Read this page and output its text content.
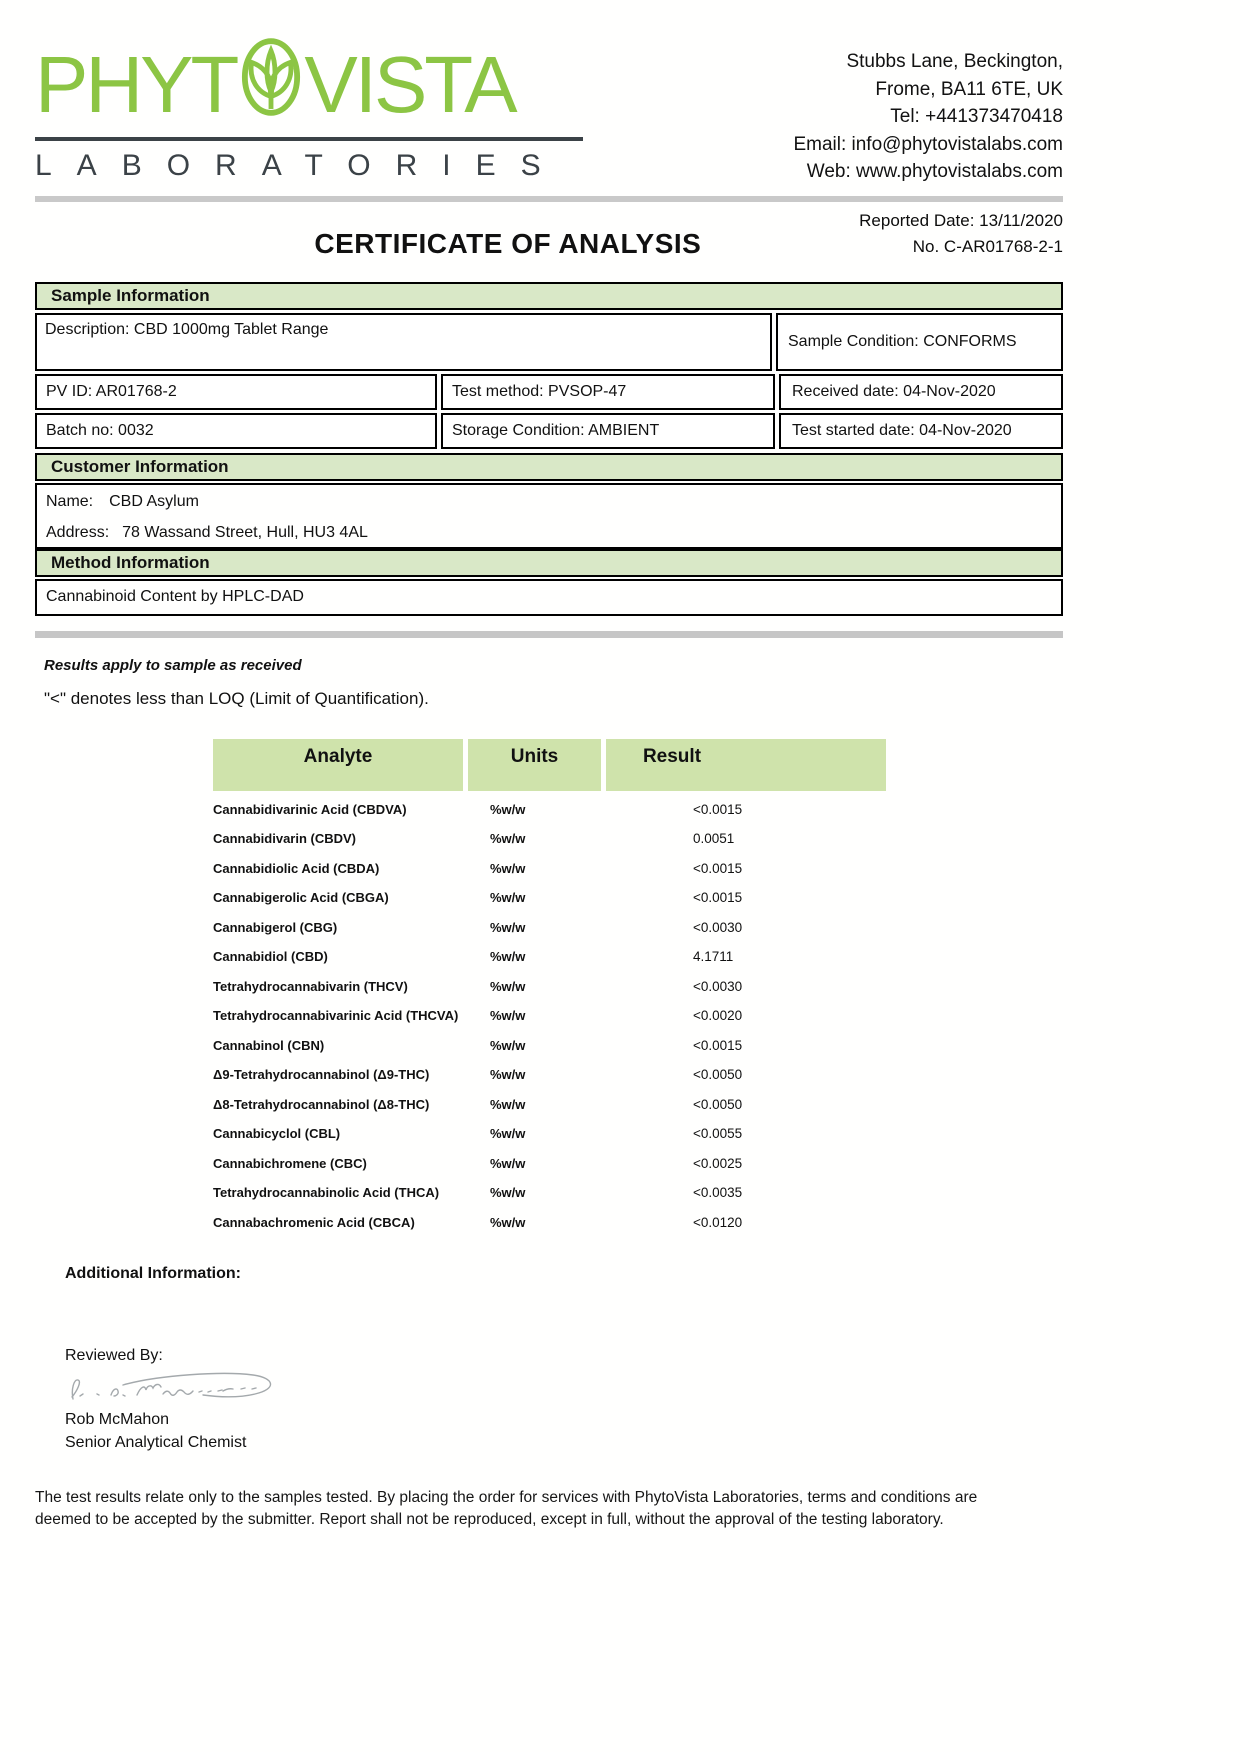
PHYT VISTA
LABORATORIES
Stubbs Lane, Beckington,
Frome, BA11 6TE, UK
Tel: +441373470418
Email: info@phytovistalabs.com
Web: www.phytovistalabs.com
Reported Date: 13/11/2020
No. C-AR01768-2-1
CERTIFICATE OF ANALYSIS
Sample Information
Description: CBD 1000mg Tablet Range
Sample Condition: CONFORMS
PV ID: AR01768-2	Test method: PVSOP-47	Received date: 04-Nov-2020
Batch no: 0032	Storage Condition: AMBIENT	Test started date: 04-Nov-2020
Customer Information
Name: CBD Asylum
Address: 78 Wassand Street, Hull, HU3 4AL
Method Information
Cannabinoid Content by HPLC-DAD
Results apply to sample as received
"<" denotes less than LOQ (Limit of Quantification).
Analyte	Units	Result
Cannabidivarinic Acid (CBDVA)	%w/w	<0.0015
Cannabidivarin (CBDV)	%w/w	0.0051
Cannabidiolic Acid (CBDA)	%w/w	<0.0015
Cannabigerolic Acid (CBGA)	%w/w	<0.0015
Cannabigerol (CBG)	%w/w	<0.0030
Cannabidiol (CBD)	%w/w	4.1711
Tetrahydrocannabivarin (THCV)	%w/w	<0.0030
Tetrahydrocannabivarinic Acid (THCVA)	%w/w	<0.0020
Cannabinol (CBN)	%w/w	<0.0015
Δ9-Tetrahydrocannabinol (Δ9-THC)	%w/w	<0.0050
Δ8-Tetrahydrocannabinol (Δ8-THC)	%w/w	<0.0050
Cannabicyclol (CBL)	%w/w	<0.0055
Cannabichromene (CBC)	%w/w	<0.0025
Tetrahydrocannabinolic Acid (THCA)	%w/w	<0.0035
Cannabachromenic Acid (CBCA)	%w/w	<0.0120
Additional Information:
Reviewed By:
Rob McMahon
Senior Analytical Chemist
The test results relate only to the samples tested. By placing the order for services with PhytoVista Laboratories, terms and conditions are
deemed to be accepted by the submitter. Report shall not be reproduced, except in full, without the approval of the testing laboratory.
